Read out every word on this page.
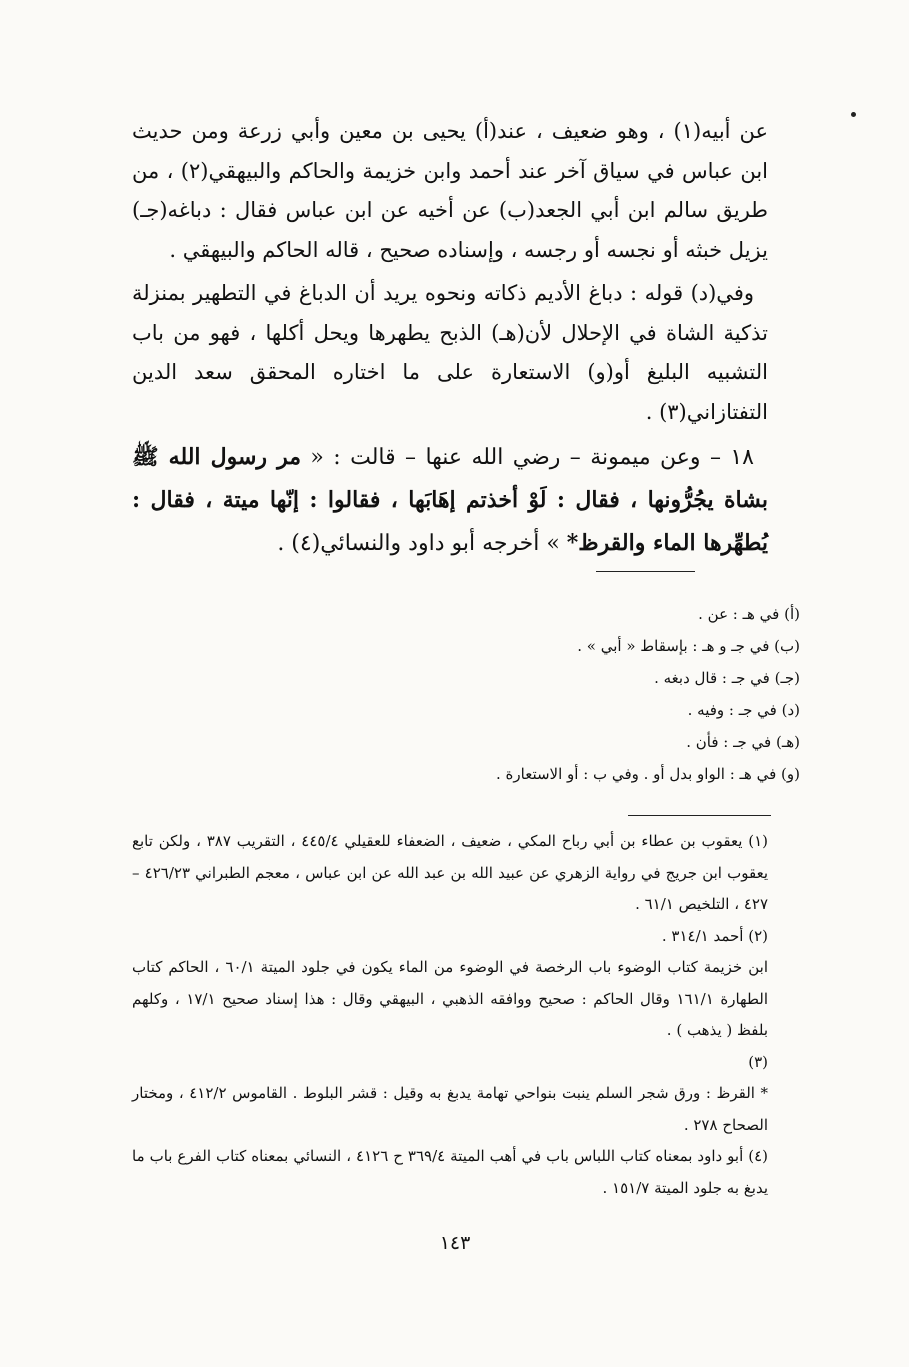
عن أبيه(١) ، وهو ضعيف ، عند(أ) يحيى بن معين وأبي زرعة ومن حديث ابن عباس في سياق آخر عند أحمد وابن خزيمة والحاكم والبيهقي(٢) ، من طريق سالم ابن أبي الجعد(ب) عن أخيه عن ابن عباس فقال : دباغه(جـ) يزيل خبثه أو نجسه أو رجسه ، وإسناده صحيح ، قاله الحاكم والبيهقي .

وفي(د) قوله : دباغ الأديم ذكاته ونحوه يريد أن الدباغ في التطهير بمنزلة تذكية الشاة في الإحلال لأن(هـ) الذبح يطهرها ويحل أكلها ، فهو من باب التشبيه البليغ أو(و) الاستعارة على ما اختاره المحقق سعد الدين التفتازاني(٣) .

١٨ – وعن ميمونة – رضي الله عنها – قالت : « مر رسول الله ﷺ بشاة يجُرُّونها ، فقال : لَوْ أخذتم إهَابَها ، فقالوا : إنّها ميتة ، فقال : يُطهِّرها الماء والقرظ* » أخرجه أبو داود والنسائي(٤) .

(أ) في هـ : عن .

(ب) في جـ و هـ : بإسقاط « أبي » .

(جـ) في جـ : قال دبغه .

(د) في جـ : وفيه .

(هـ) في جـ : فأن .

(و) في هـ : الواو بدل أو . وفي ب : أو الاستعارة .

(١) يعقوب بن عطاء بن أبي رباح المكي ، ضعيف ، الضعفاء للعقيلي ٤٤٥/٤ ، التقريب ٣٨٧ ، ولكن تابع يعقوب ابن جريج في رواية الزهري عن عبيد الله بن عبد الله عن ابن عباس ، معجم الطبراني ٤٢٦/٢٣ – ٤٢٧ ، التلخيص ٦١/١ .

(٢) أحمد ٣١٤/١ .

ابن خزيمة كتاب الوضوء باب الرخصة في الوضوء من الماء يكون في جلود الميتة ٦٠/١ ، الحاكم كتاب الطهارة ١٦١/١ وقال الحاكم : صحيح ووافقه الذهبي ، البيهقي وقال : هذا إسناد صحيح ١٧/١ ، وكلهم بلفظ ( يذهب ) .

(٣)

* القرظ : ورق شجر السلم ينبت بنواحي تهامة يدبغ به وقيل : قشر البلوط . القاموس ٤١٢/٢ ، ومختار الصحاح ٢٧٨ .

(٤) أبو داود بمعناه كتاب اللباس باب في أهب الميتة ٣٦٩/٤ ح ٤١٢٦ ، النسائي بمعناه كتاب الفرع باب ما يدبغ به جلود الميتة ١٥١/٧ .

١٤٣
